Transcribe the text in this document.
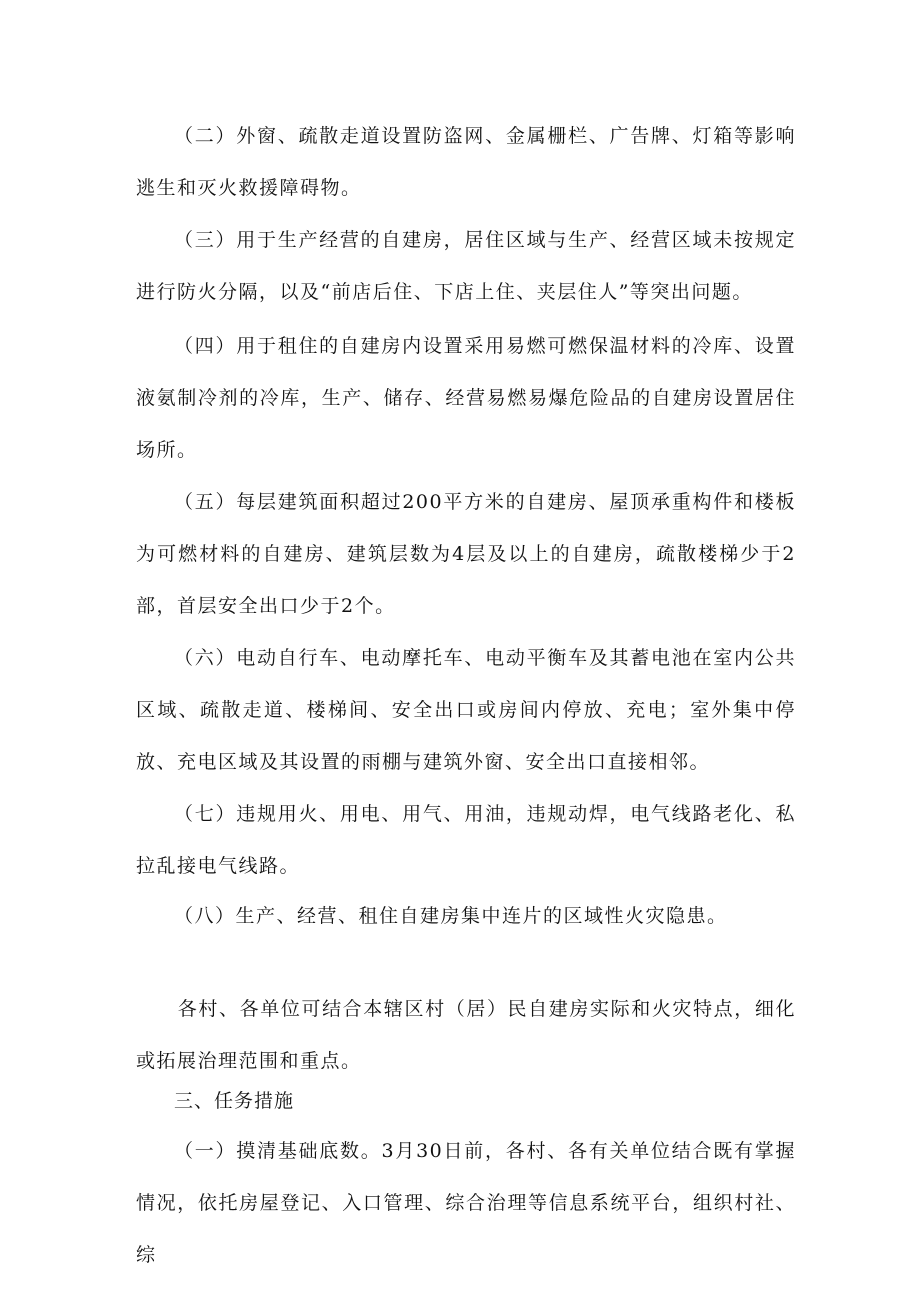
（二）外窗、疏散走道设置防盗网、金属栅栏、广告牌、灯箱等影响逃生和灭火救援障碍物。

（三）用于生产经营的自建房，居住区域与生产、经营区域未按规定进行防火分隔，以及“前店后住、下店上住、夹层住人”等突出问题。

（四）用于租住的自建房内设置采用易燃可燃保温材料的冷库、设置液氨制冷剂的冷库，生产、储存、经营易燃易爆危险品的自建房设置居住场所。

（五）每层建筑面积超过200平方米的自建房、屋顶承重构件和楼板为可燃材料的自建房、建筑层数为4层及以上的自建房，疏散楼梯少于2部，首层安全出口少于2个。

（六）电动自行车、电动摩托车、电动平衡车及其蓄电池在室内公共区域、疏散走道、楼梯间、安全出口或房间内停放、充电；室外集中停放、充电区域及其设置的雨棚与建筑外窗、安全出口直接相邻。

（七）违规用火、用电、用气、用油，违规动焊，电气线路老化、私拉乱接电气线路。

（八）生产、经营、租住自建房集中连片的区域性火灾隐患。

各村、各单位可结合本辖区村（居）民自建房实际和火灾特点，细化或拓展治理范围和重点。

三、任务措施

（一）摸清基础底数。3月30日前，各村、各有关单位结合既有掌握情况，依托房屋登记、入口管理、综合治理等信息系统平台，组织村社、综
